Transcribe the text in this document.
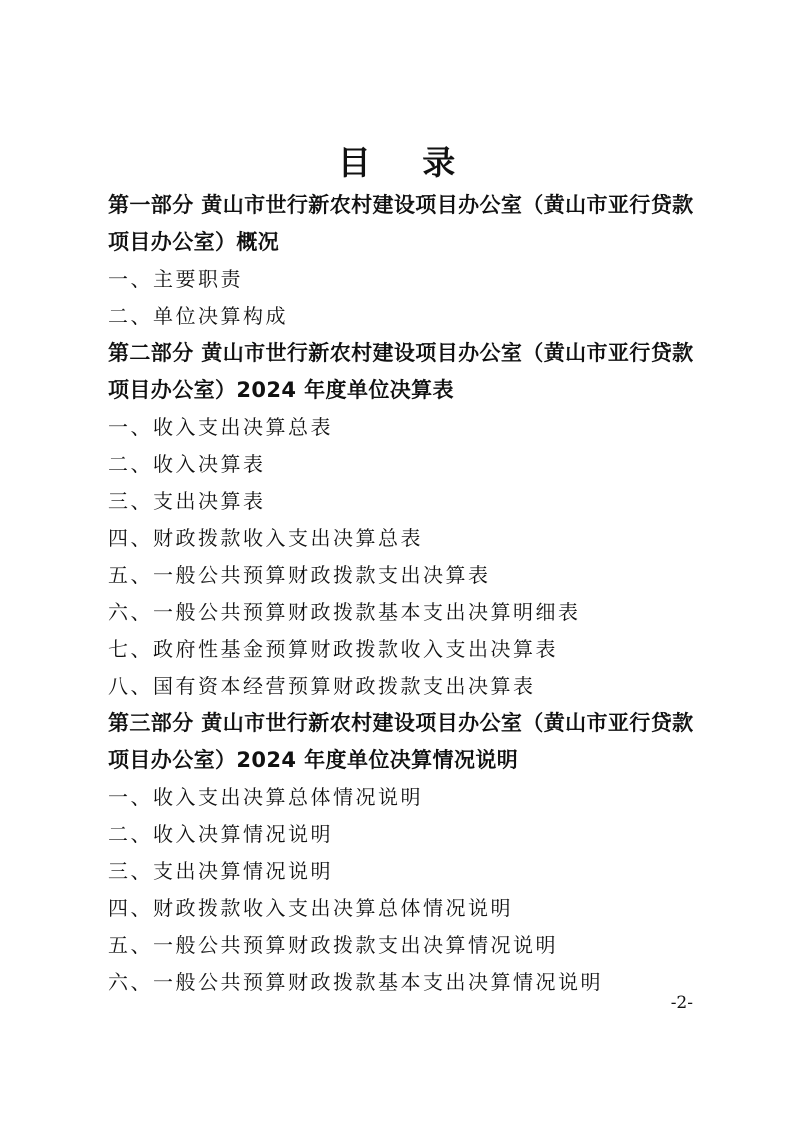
目 录

第一部分 黄山市世行新农村建设项目办公室（黄山市亚行贷款项目办公室）概况

一、主要职责

二、单位决算构成

第二部分 黄山市世行新农村建设项目办公室（黄山市亚行贷款项目办公室）2024 年度单位决算表

一、收入支出决算总表

二、收入决算表

三、支出决算表

四、财政拨款收入支出决算总表

五、一般公共预算财政拨款支出决算表

六、一般公共预算财政拨款基本支出决算明细表

七、政府性基金预算财政拨款收入支出决算表

八、国有资本经营预算财政拨款支出决算表

第三部分 黄山市世行新农村建设项目办公室（黄山市亚行贷款项目办公室）2024 年度单位决算情况说明

一、收入支出决算总体情况说明

二、收入决算情况说明

三、支出决算情况说明

四、财政拨款收入支出决算总体情况说明

五、一般公共预算财政拨款支出决算情况说明

六、一般公共预算财政拨款基本支出决算情况说明

-2-
